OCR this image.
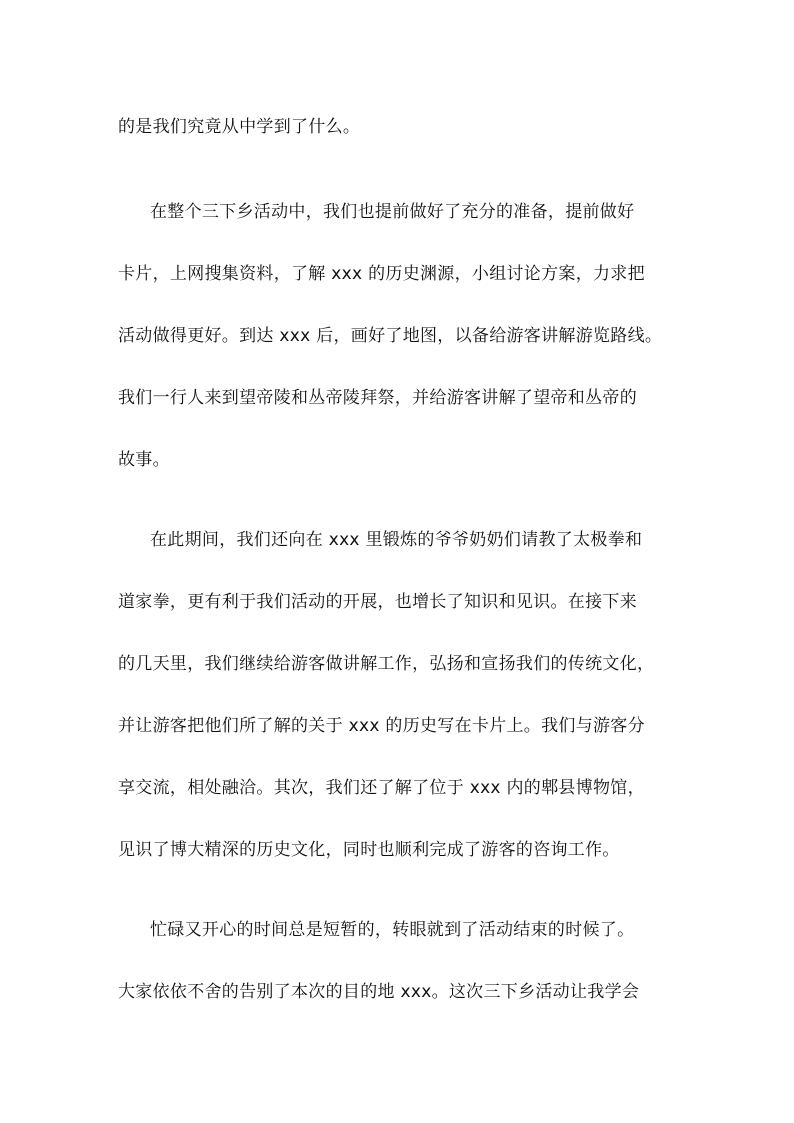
的是我们究竟从中学到了什么。
在整个三下乡活动中，我们也提前做好了充分的准备，提前做好
卡片，上网搜集资料，了解 xxx 的历史渊源，小组讨论方案，力求把
活动做得更好。到达 xxx 后，画好了地图，以备给游客讲解游览路线。
我们一行人来到望帝陵和丛帝陵拜祭，并给游客讲解了望帝和丛帝的
故事。
在此期间，我们还向在 xxx 里锻炼的爷爷奶奶们请教了太极拳和
道家拳，更有利于我们活动的开展，也增长了知识和见识。在接下来
的几天里，我们继续给游客做讲解工作，弘扬和宣扬我们的传统文化，
并让游客把他们所了解的关于 xxx 的历史写在卡片上。我们与游客分
享交流，相处融洽。其次，我们还了解了位于 xxx 内的郫县博物馆，
见识了博大精深的历史文化，同时也顺利完成了游客的咨询工作。
忙碌又开心的时间总是短暂的，转眼就到了活动结束的时候了。
大家依依不舍的告别了本次的目的地 xxx。这次三下乡活动让我学会
